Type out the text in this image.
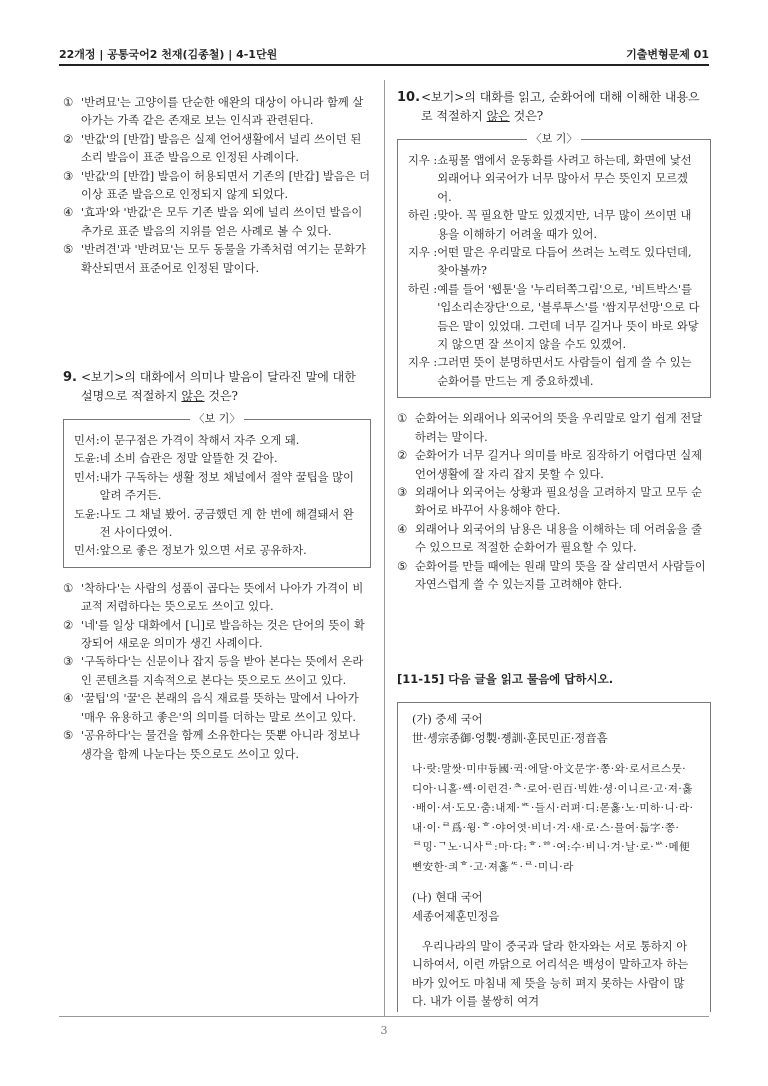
22개정 | 공통국어2 천재(김종철) | 4-1단원	기출변형문제 01
① '반려묘'는 고양이를 단순한 애완의 대상이 아니라 함께 살아가는 가족 같은 존재로 보는 인식과 관련된다.
② '반값'의 [반깝] 발음은 실제 언어생활에서 널리 쓰이던 된소리 발음이 표준 발음으로 인정된 사례이다.
③ '반값'의 [반깝] 발음이 허용되면서 기존의 [반갑] 발음은 더 이상 표준 발음으로 인정되지 않게 되었다.
④ '효과'와 '반값'은 모두 기존 발음 외에 널리 쓰이던 발음이 추가로 표준 발음의 지위를 얻은 사례로 볼 수 있다.
⑤ '반려견'과 '반려묘'는 모두 동물을 가족처럼 여기는 문화가 확산되면서 표준어로 인정된 말이다.
9. <보기>의 대화에서 의미나 발음이 달라진 말에 대한 설명으로 적절하지 않은 것은?
〈보 기〉
민서: 이 문구점은 가격이 착해서 자주 오게 돼.
도윤: 네 소비 습관은 정말 알뜰한 것 같아.
민서: 내가 구독하는 생활 정보 채널에서 절약 꿀팁을 많이 알려 주거든.
도윤: 나도 그 채널 봤어. 궁금했던 게 한 번에 해결돼서 완전 사이다였어.
민서: 앞으로 좋은 정보가 있으면 서로 공유하자.
① '착하다'는 사람의 성품이 곱다는 뜻에서 나아가 가격이 비교적 저렴하다는 뜻으로도 쓰이고 있다.
② '네'를 일상 대화에서 [니]로 발음하는 것은 단어의 뜻이 확장되어 새로운 의미가 생긴 사례이다.
③ '구독하다'는 신문이나 잡지 등을 받아 본다는 뜻에서 온라인 콘텐츠를 지속적으로 본다는 뜻으로도 쓰이고 있다.
④ '꿀팁'의 '꿀'은 본래의 음식 재료를 뜻하는 말에서 나아가 '매우 유용하고 좋은'의 의미를 더하는 말로 쓰이고 있다.
⑤ '공유하다'는 물건을 함께 소유한다는 뜻뿐 아니라 정보나 생각을 함께 나눈다는 뜻으로도 쓰이고 있다.
10. <보기>의 대화를 읽고, 순화어에 대해 이해한 내용으로 적절하지 않은 것은?
〈보 기〉
지우 : 쇼핑몰 앱에서 운동화를 사려고 하는데, 화면에 낯선 외래어나 외국어가 너무 많아서 무슨 뜻인지 모르겠어.
하린 : 맞아. 꼭 필요한 말도 있겠지만, 너무 많이 쓰이면 내용을 이해하기 어려울 때가 있어.
지우 : 어떤 말은 우리말로 다듬어 쓰려는 노력도 있다던데, 찾아볼까?
하린 : 예를 들어 '웹툰'을 '누리터쪽그림'으로, '비트박스'를 '입소리손장단'으로, '블루투스'를 '쌈지무선망'으로 다듬은 말이 있었대. 그런데 너무 길거나 뜻이 바로 와닿지 않으면 잘 쓰이지 않을 수도 있겠어.
지우 : 그러면 뜻이 분명하면서도 사람들이 쉽게 쓸 수 있는 순화어를 만드는 게 중요하겠네.
① 순화어는 외래어나 외국어의 뜻을 우리말로 알기 쉽게 전달하려는 말이다.
② 순화어가 너무 길거나 의미를 바로 짐작하기 어렵다면 실제 언어생활에 잘 자리 잡지 못할 수 있다.
③ 외래어나 외국어는 상황과 필요성을 고려하지 말고 모두 순화어로 바꾸어 사용해야 한다.
④ 외래어나 외국어의 남용은 내용을 이해하는 데 어려움을 줄 수 있으므로 적절한 순화어가 필요할 수 있다.
⑤ 순화어를 만들 때에는 원래 말의 뜻을 잘 살리면서 사람들이 자연스럽게 쓸 수 있는지를 고려해야 한다.
[11-15] 다음 글을 읽고 물음에 답하시오.

(가) 중세 국어

世·솅宗종御·엉製·졩訓·훈民민正·졍音흠

나·랏:말쌋·미中듕國·귁·에달·아文문字·쫑·와·로서르스뭇·디아·니홀·쎅·이런견·ᄎ·로어·린百·빅姓·셩·이니르·고·져·홇·배이·셔·도모·춤:내제·ᄠ·들시·러펴·디:몯홇·노·미하·니·라·내·이·ᄅ爲·윙·ᄒ·야어엿·비너·겨·새·로·스·믈여·듧字·쫑·ᄅ밍·ᄀ노·니사ᄅ:마·다:ᄒ·ᅘ·여:수·비니·겨·날·로·ᄡ·메便뼌安한·킈ᄒ·고·져홇ᄯ·ᄅ·미니·라

(나) 현대 국어

세종어제훈민정음

우리나라의 말이 중국과 달라 한자와는 서로 통하지 아니하여서, 이런 까닭으로 어리석은 백성이 말하고자 하는 바가 있어도 마침내 제 뜻을 능히 펴지 못하는 사람이 많다. 내가 이를 불쌍히 여겨

3
